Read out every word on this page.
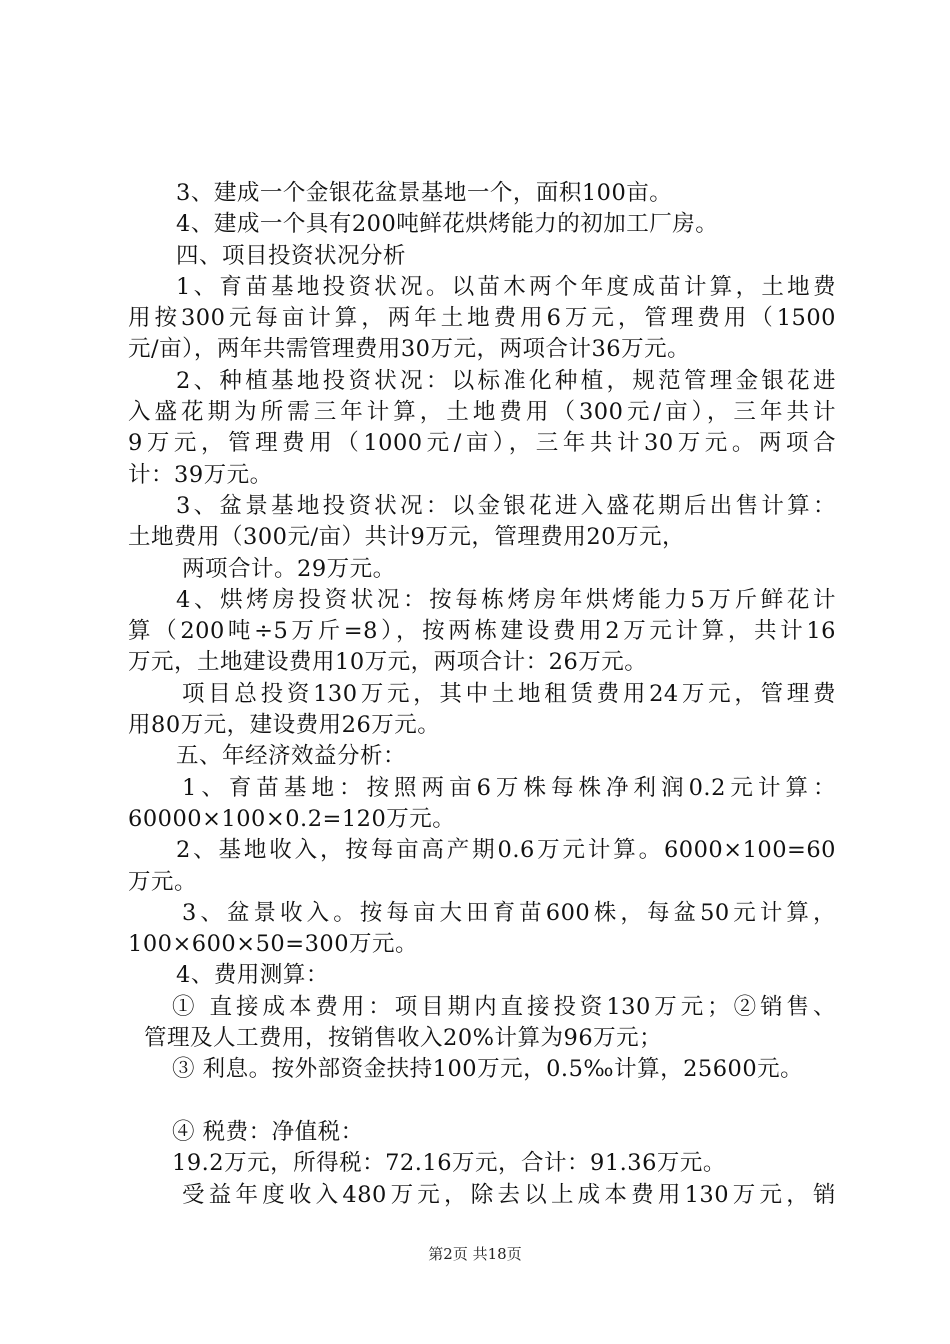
3、建成一个金银花盆景基地一个，面积100亩。
4、建成一个具有200吨鲜花烘烤能力的初加工厂房。
四、项目投资状况分析
1、育苗基地投资状况。以苗木两个年度成苗计算，土地费
用按300元每亩计算，两年土地费用6万元，管理费用（1500
元/亩），两年共需管理费用30万元，两项合计36万元。
2、种植基地投资状况：以标准化种植，规范管理金银花进
入盛花期为所需三年计算，土地费用（300元/亩），三年共计
9万元，管理费用（1000元/亩），三年共计30万元。两项合
计：39万元。
3、盆景基地投资状况：以金银花进入盛花期后出售计算：
土地费用（300元/亩）共计9万元，管理费用20万元，
两项合计。29万元。
4、烘烤房投资状况：按每栋烤房年烘烤能力5万斤鲜花计
算（200吨÷5万斤=8），按两栋建设费用2万元计算，共计16
万元，土地建设费用10万元，两项合计：26万元。
项目总投资130万元，其中土地租赁费用24万元，管理费
用80万元，建设费用26万元。
五、年经济效益分析：
1、育苗基地：按照两亩6万株每株净利润0.2元计算：
60000×100×0.2=120万元。
2、基地收入，按每亩高产期0.6万元计算。6000×100=60
万元。
3、盆景收入。按每亩大田育苗600株，每盆50元计算，
100×600×50=300万元。
4、费用测算：
① 直接成本费用：项目期内直接投资130万元；②销售、
管理及人工费用，按销售收入20%计算为96万元；
③ 利息。按外部资金扶持100万元，0.5‰计算，25600元。
④ 税费：净值税：
19.2万元，所得税：72.16万元，合计：91.36万元。
受益年度收入480万元，除去以上成本费用130万元，销
第2页 共18页
